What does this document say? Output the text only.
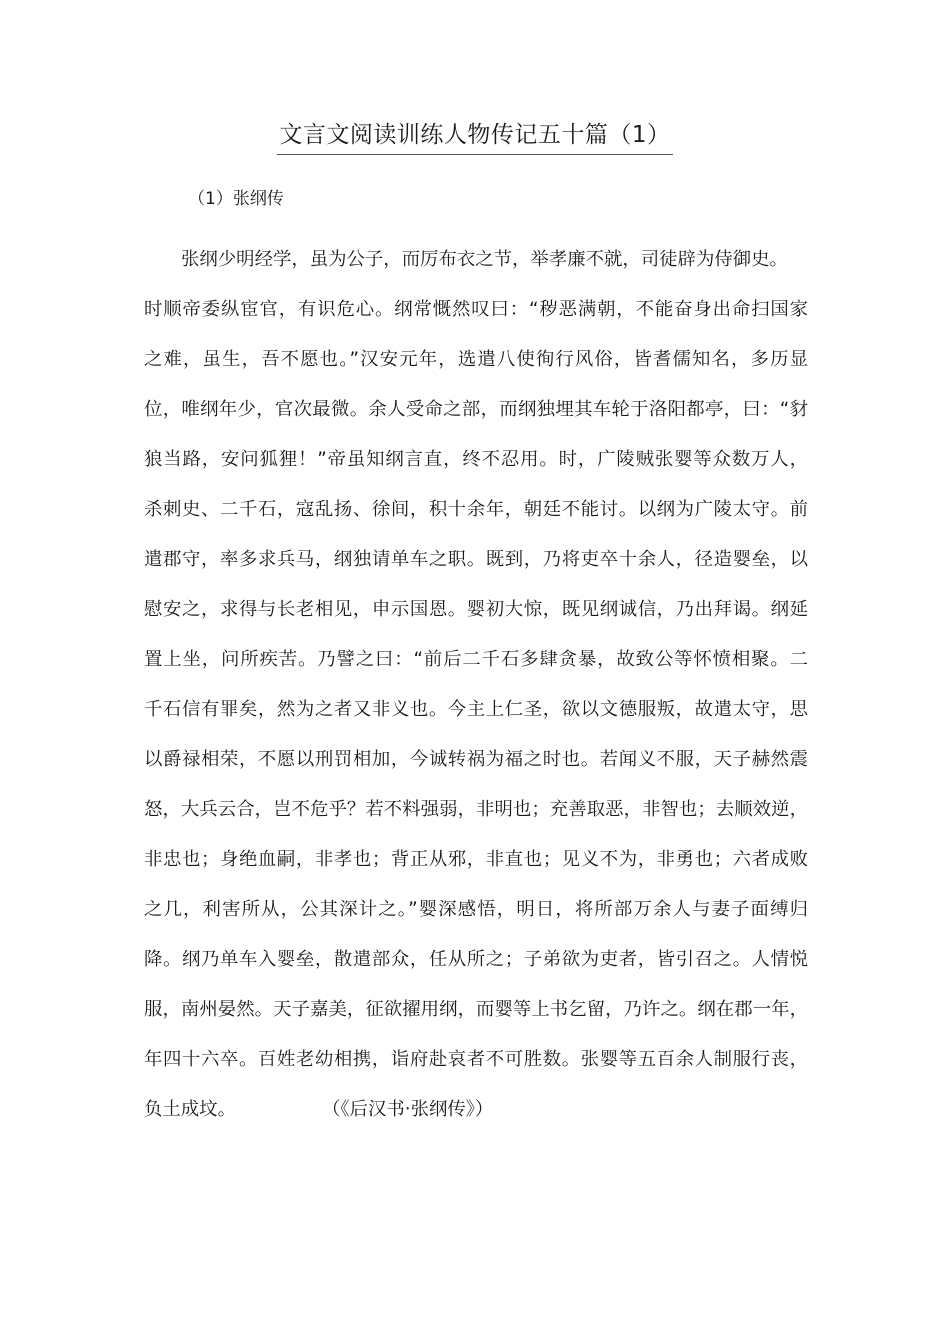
文言文阅读训练人物传记五十篇（1）
（1）张纲传
张纲少明经学，虽为公子，而厉布衣之节，举孝廉不就，司徒辟为侍御史。
时顺帝委纵宦官，有识危心。纲常慨然叹曰：“秽恶满朝，不能奋身出命扫国家
之难，虽生，吾不愿也。”汉安元年，选遣八使徇行风俗，皆耆儒知名，多历显
位，唯纲年少，官次最微。余人受命之部，而纲独埋其车轮于洛阳都亭，曰：“豺
狼当路，安问狐狸！”帝虽知纲言直，终不忍用。时，广陵贼张婴等众数万人，
杀刺史、二千石，寇乱扬、徐间，积十余年，朝廷不能讨。以纲为广陵太守。前
遣郡守，率多求兵马，纲独请单车之职。既到，乃将吏卒十余人，径造婴垒，以
慰安之，求得与长老相见，申示国恩。婴初大惊，既见纲诚信，乃出拜谒。纲延
置上坐，问所疾苦。乃譬之曰：“前后二千石多肆贪暴，故致公等怀愤相聚。二
千石信有罪矣，然为之者又非义也。今主上仁圣，欲以文德服叛，故遣太守，思
以爵禄相荣，不愿以刑罚相加，今诚转祸为福之时也。若闻义不服，天子赫然震
怒，大兵云合，岂不危乎？若不料强弱，非明也；充善取恶，非智也；去顺效逆，
非忠也；身绝血嗣，非孝也；背正从邪，非直也；见义不为，非勇也；六者成败
之几，利害所从，公其深计之。”婴深感悟，明日，将所部万余人与妻子面缚归
降。纲乃单车入婴垒，散遣部众，任从所之；子弟欲为吏者，皆引召之。人情悦
服，南州晏然。天子嘉美，征欲擢用纲，而婴等上书乞留，乃许之。纲在郡一年，
年四十六卒。百姓老幼相携，诣府赴哀者不可胜数。张婴等五百余人制服行丧，
负土成坟。	（《后汉书·张纲传》）
